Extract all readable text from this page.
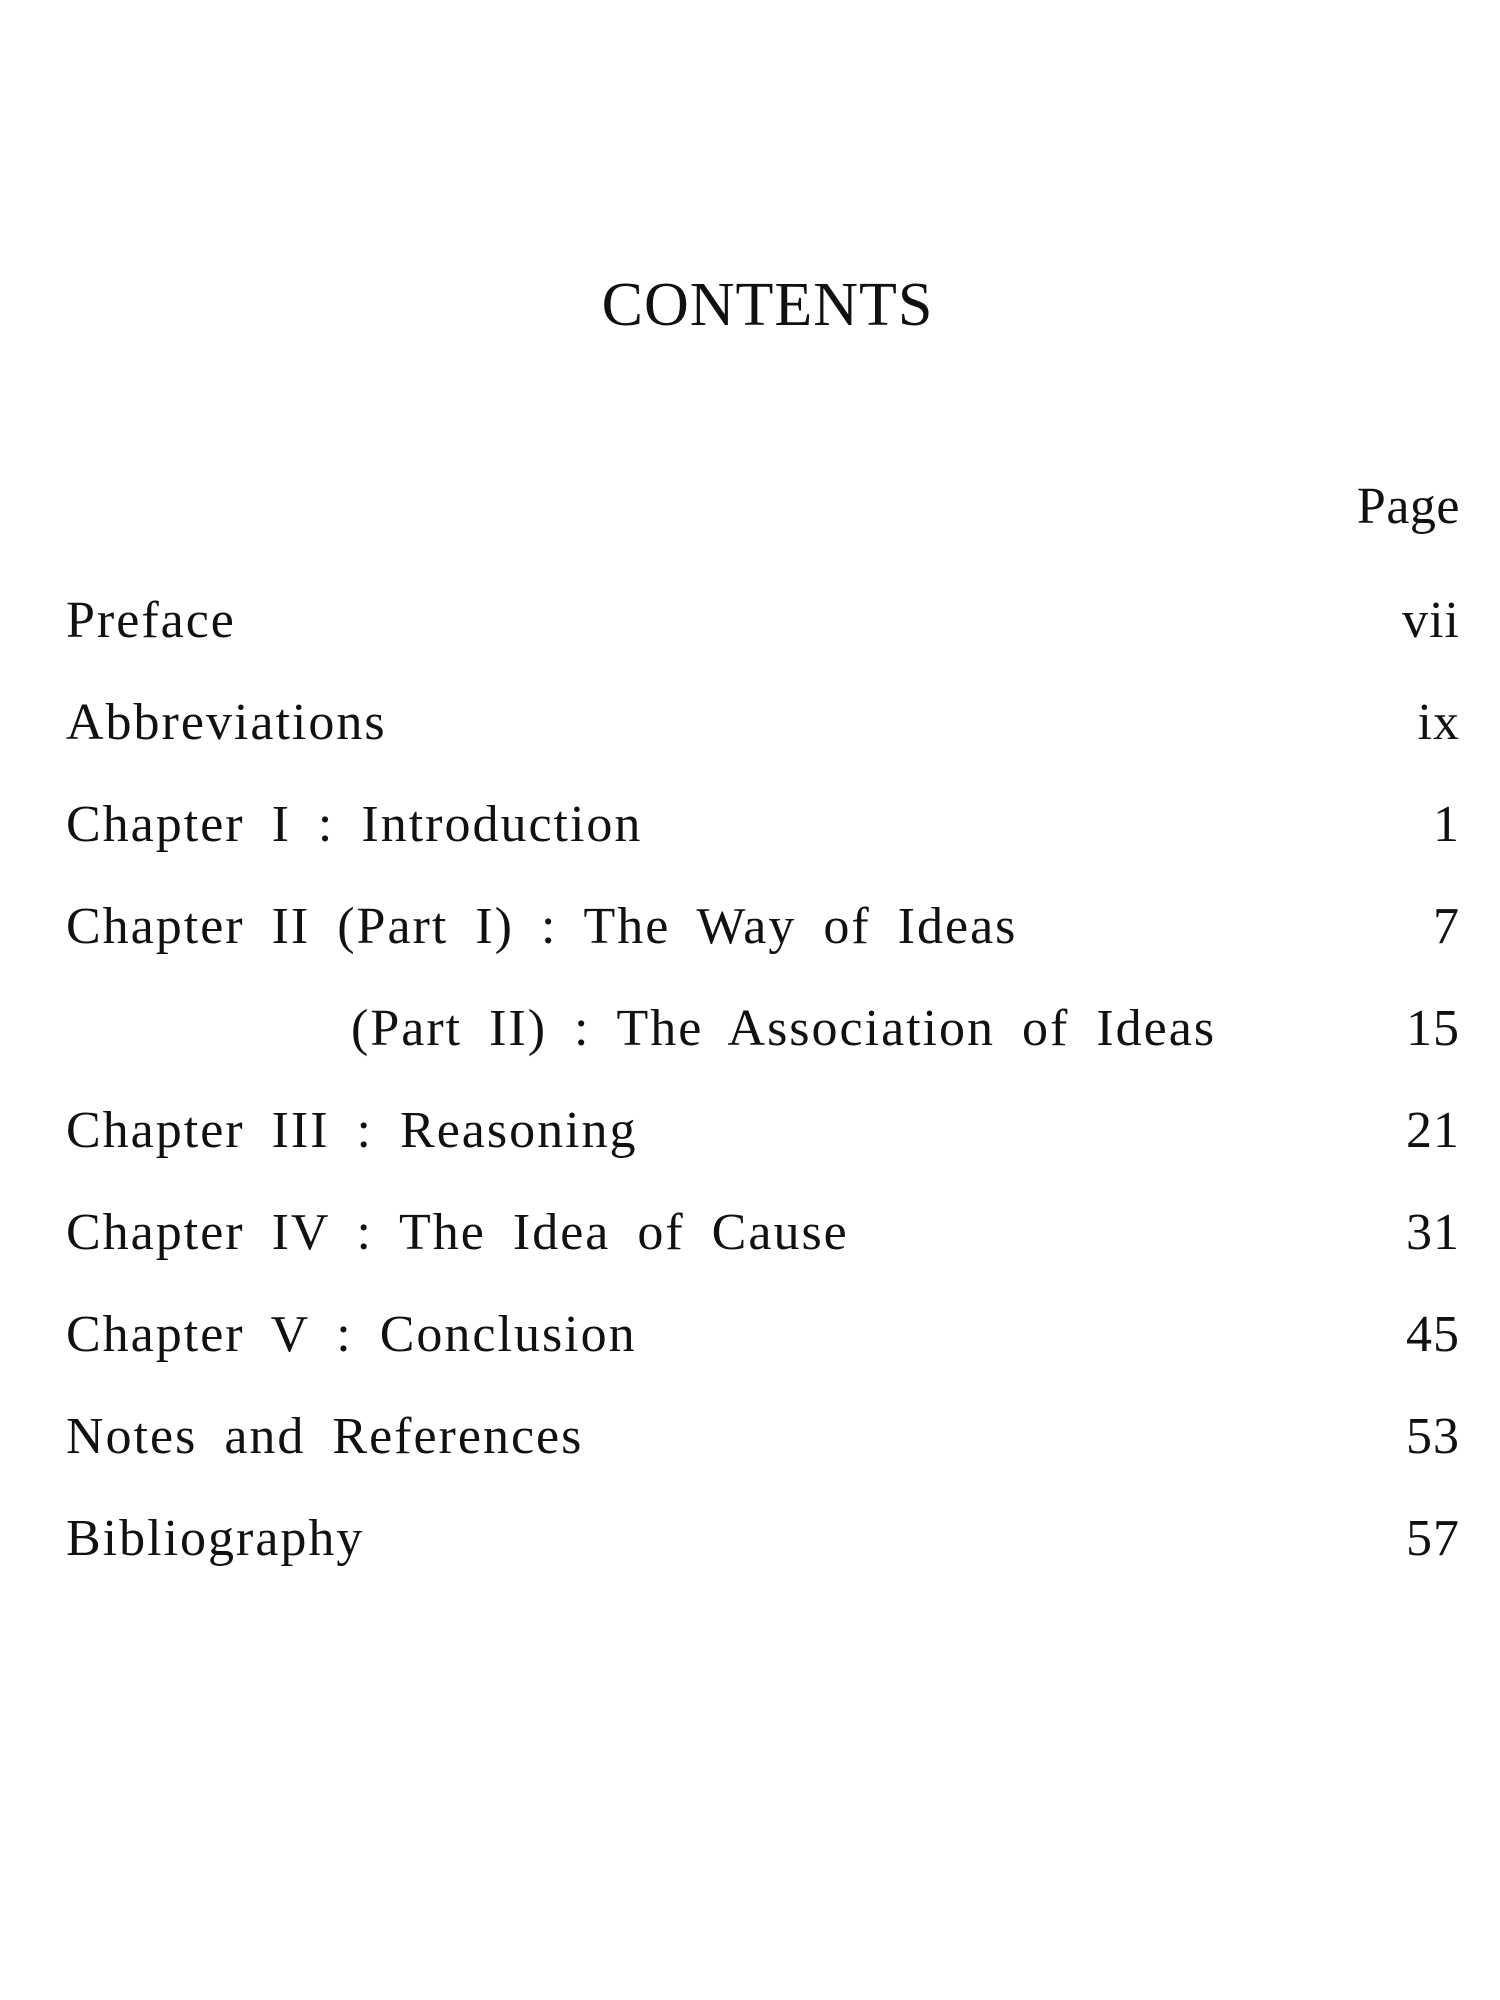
CONTENTS
Page
Preface	vii
Abbreviations	ix
Chapter I : Introduction	1
Chapter II (Part I) : The Way of Ideas	7
(Part II) : The Association of Ideas	15
Chapter III : Reasoning	21
Chapter IV : The Idea of Cause	31
Chapter V : Conclusion	45
Notes and References	53
Bibliography	57
